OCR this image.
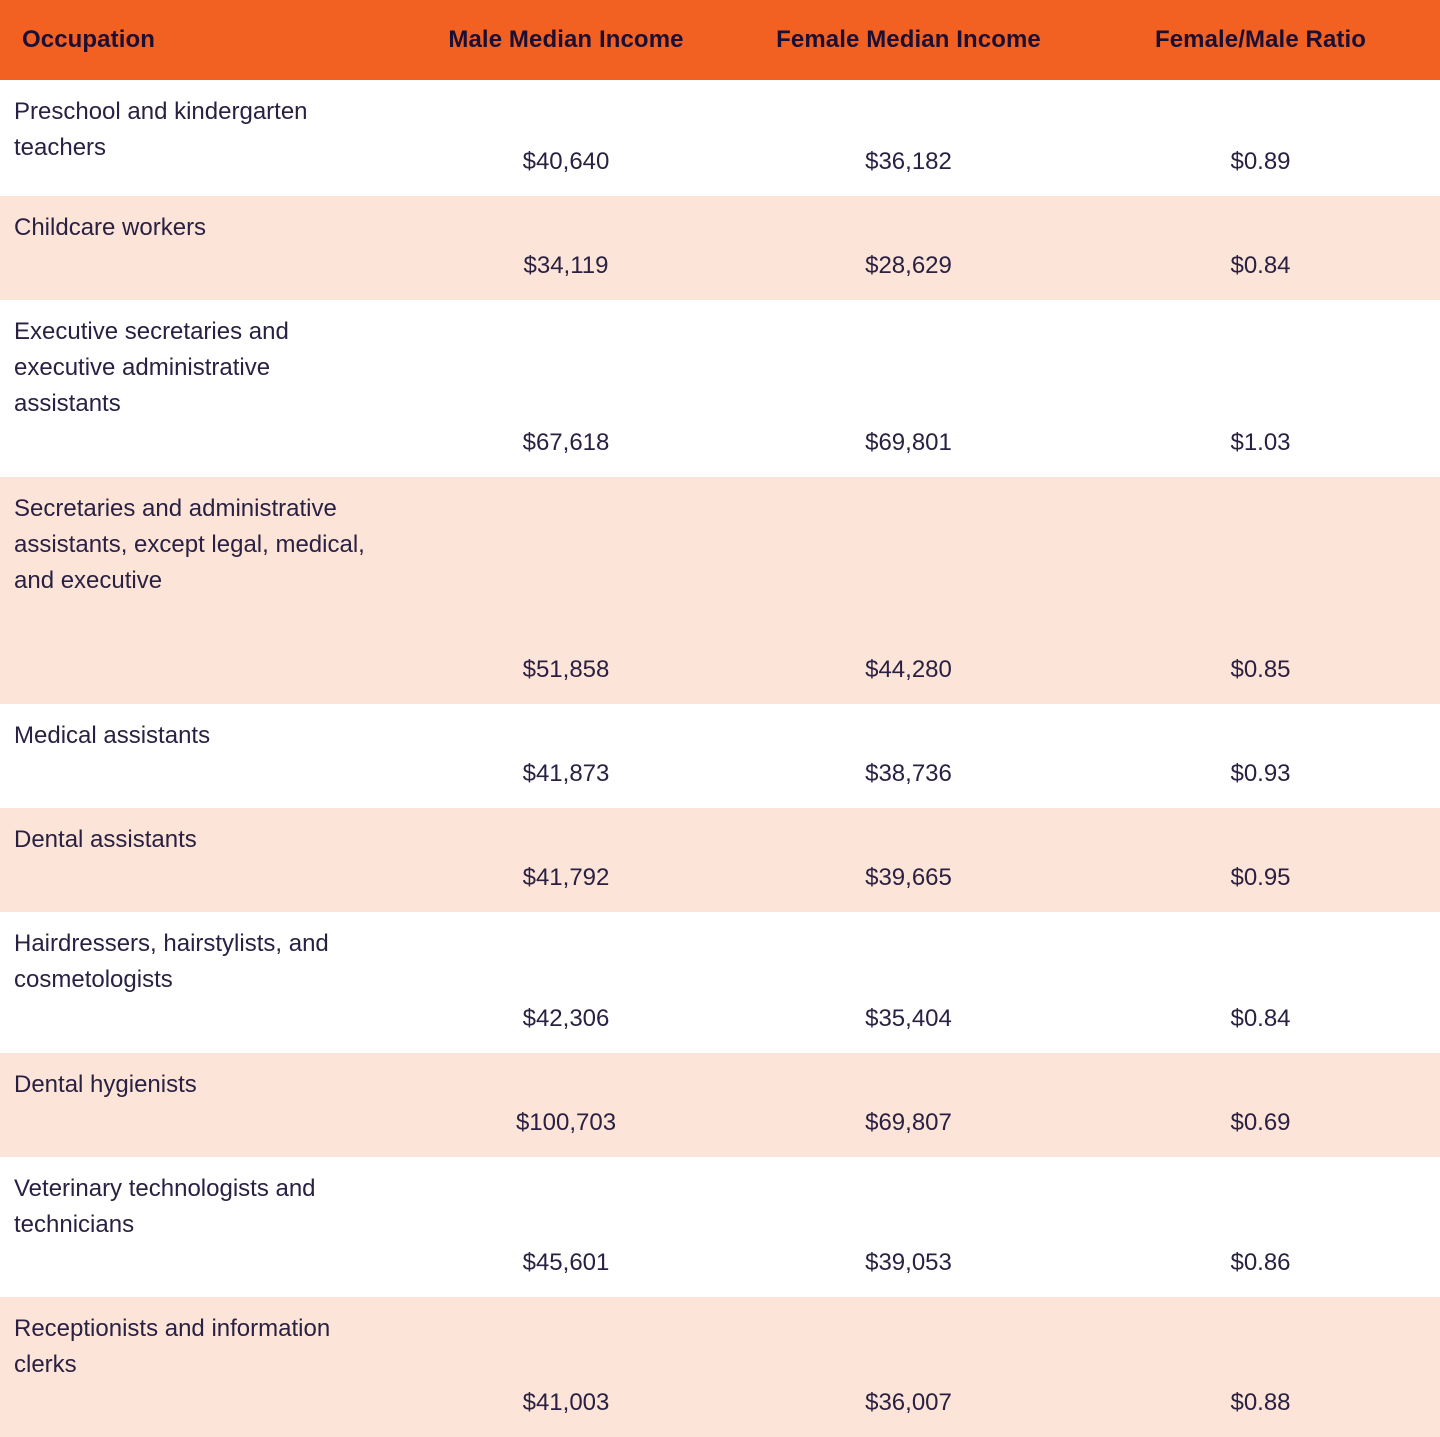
Occupation	Male Median Income	Female Median Income	Female/Male Ratio
Preschool and kindergarten teachers	$40,640	$36,182	$0.89
Childcare workers	$34,119	$28,629	$0.84
Executive secretaries and executive administrative assistants	$67,618	$69,801	$1.03
Secretaries and administrative assistants, except legal, medical, and executive	$51,858	$44,280	$0.85
Medical assistants	$41,873	$38,736	$0.93
Dental assistants	$41,792	$39,665	$0.95
Hairdressers, hairstylists, and cosmetologists	$42,306	$35,404	$0.84
Dental hygienists	$100,703	$69,807	$0.69
Veterinary technologists and technicians	$45,601	$39,053	$0.86
Receptionists and information clerks	$41,003	$36,007	$0.88
